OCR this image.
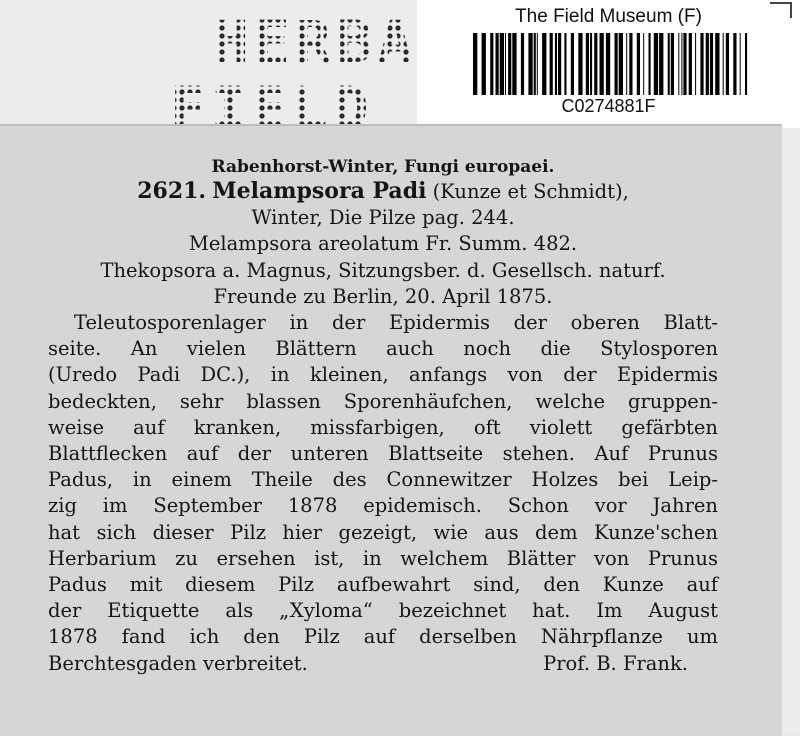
The Field Museum (F)
C0274881F
Rabenhorst-Winter, Fungi europaei.
2621. Melampsora Padi (Kunze et Schmidt),
Winter, Die Pilze pag. 244.
Melampsora areolatum Fr. Summ. 482.
Thekopsora a. Magnus, Sitzungsber. d. Gesellsch. naturf.
Freunde zu Berlin, 20. April 1875.
Teleutosporenlager in der Epidermis der oberen Blatt-
seite. An vielen Blättern auch noch die Stylosporen
(Uredo Padi DC.), in kleinen, anfangs von der Epidermis
bedeckten, sehr blassen Sporenhäufchen, welche gruppen-
weise auf kranken, missfarbigen, oft violett gefärbten
Blattflecken auf der unteren Blattseite stehen. Auf Prunus
Padus, in einem Theile des Connewitzer Holzes bei Leip-
zig im September 1878 epidemisch. Schon vor Jahren
hat sich dieser Pilz hier gezeigt, wie aus dem Kunze'schen
Herbarium zu ersehen ist, in welchem Blätter von Prunus
Padus mit diesem Pilz aufbewahrt sind, den Kunze auf
der Etiquette als „Xyloma“ bezeichnet hat. Im August
1878 fand ich den Pilz auf derselben Nährpflanze um
Berchtesgaden verbreitet.	Prof. B. Frank.
